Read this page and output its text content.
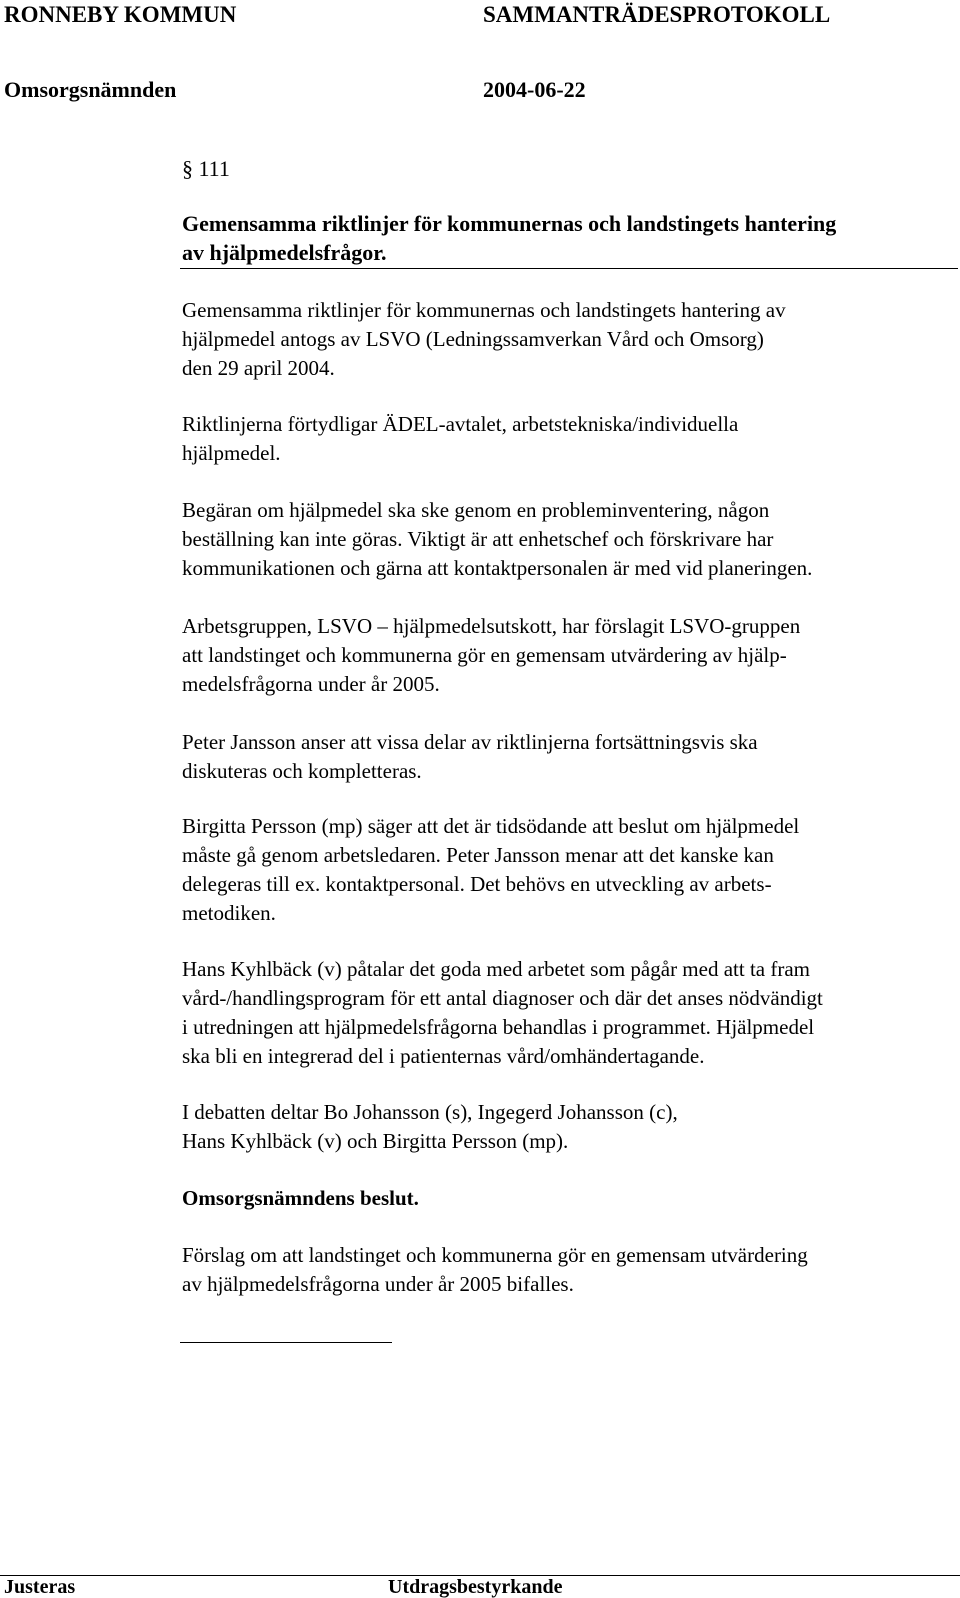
RONNEBY KOMMUN	SAMMANTRÄDESPROTOKOLL
Omsorgsnämnden	2004-06-22
§ 111
Gemensamma riktlinjer för kommunernas och landstingets hantering
av hjälpmedelsfrågor.
Gemensamma riktlinjer för kommunernas och landstingets hantering av
hjälpmedel antogs av LSVO (Ledningssamverkan Vård och Omsorg)
den 29 april 2004.
Riktlinjerna förtydligar ÄDEL-avtalet, arbetstekniska/individuella
hjälpmedel.
Begäran om hjälpmedel ska ske genom en probleminventering, någon
beställning kan inte göras. Viktigt är att enhetschef och förskrivare har
kommunikationen och gärna att kontaktpersonalen är med vid planeringen.
Arbetsgruppen, LSVO – hjälpmedelsutskott, har förslagit LSVO-gruppen
att landstinget och kommunerna gör en gemensam utvärdering av hjälp-
medelsfrågorna under år 2005.
Peter Jansson anser att vissa delar av riktlinjerna fortsättningsvis ska
diskuteras och kompletteras.
Birgitta Persson (mp) säger att det är tidsödande att beslut om hjälpmedel
måste gå genom arbetsledaren. Peter Jansson menar att det kanske kan
delegeras till ex. kontaktpersonal. Det behövs en utveckling av arbets-
metodiken.
Hans Kyhlbäck (v) påtalar det goda med arbetet som pågår med att ta fram
vård-/handlingsprogram för ett antal diagnoser och där det anses nödvändigt
i utredningen att hjälpmedelsfrågorna behandlas i programmet. Hjälpmedel
ska bli en integrerad del i patienternas vård/omhändertagande.
I debatten deltar Bo Johansson (s), Ingegerd Johansson (c),
Hans Kyhlbäck (v) och Birgitta Persson (mp).
Omsorgsnämndens beslut.
Förslag om att landstinget och kommunerna gör en gemensam utvärdering
av hjälpmedelsfrågorna under år 2005 bifalles.
Justeras	Utdragsbestyrkande
